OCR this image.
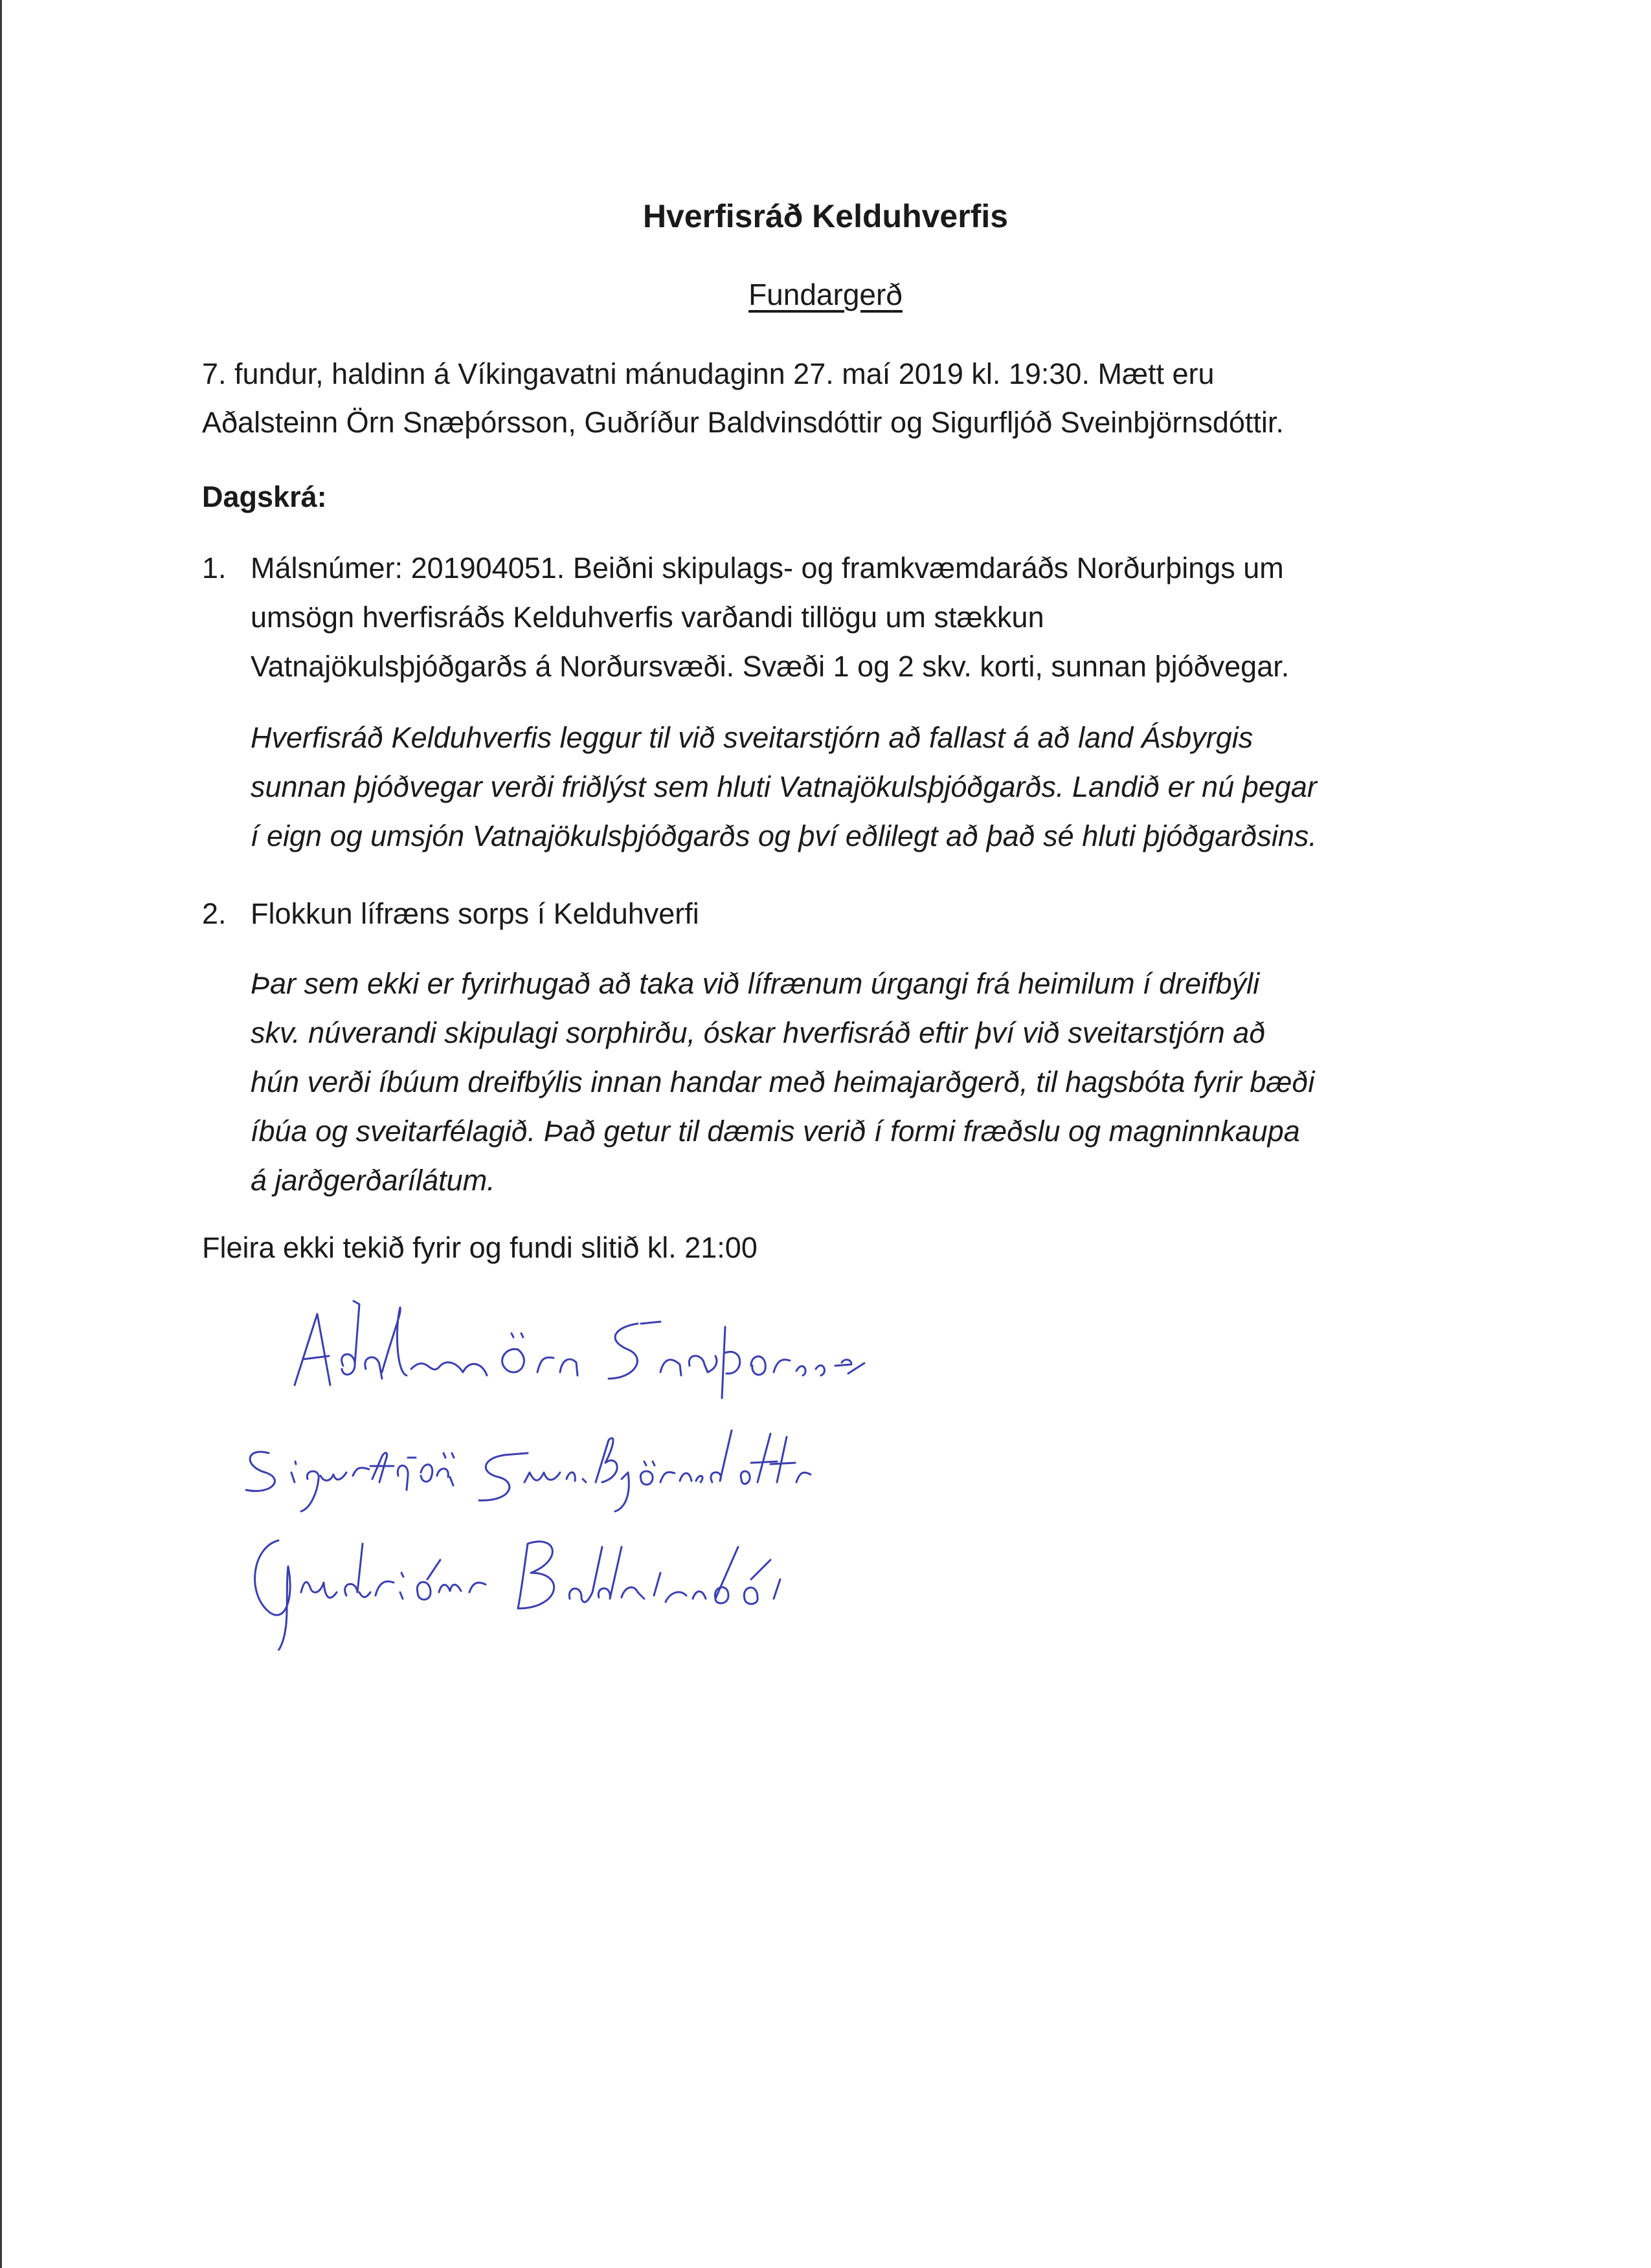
Hverfisráð Kelduhverfis
Fundargerð
7. fundur, haldinn á Víkingavatni mánudaginn 27. maí 2019 kl. 19:30. Mætt eru
Aðalsteinn Örn Snæþórsson, Guðríður Baldvinsdóttir og Sigurfljóð Sveinbjörnsdóttir.
Dagskrá:
1. Málsnúmer: 201904051. Beiðni skipulags- og framkvæmdaráðs Norðurþings um
umsögn hverfisráðs Kelduhverfis varðandi tillögu um stækkun
Vatnajökulsþjóðgarðs á Norðursvæði. Svæði 1 og 2 skv. korti, sunnan þjóðvegar.
Hverfisráð Kelduhverfis leggur til við sveitarstjórn að fallast á að land Ásbyrgis
sunnan þjóðvegar verði friðlýst sem hluti Vatnajökulsþjóðgarðs. Landið er nú þegar
í eign og umsjón Vatnajökulsþjóðgarðs og því eðlilegt að það sé hluti þjóðgarðsins.
2. Flokkun lífræns sorps í Kelduhverfi
Þar sem ekki er fyrirhugað að taka við lífrænum úrgangi frá heimilum í dreifbýli
skv. núverandi skipulagi sorphirðu, óskar hverfisráð eftir því við sveitarstjórn að
hún verði íbúum dreifbýlis innan handar með heimajarðgerð, til hagsbóta fyrir bæði
íbúa og sveitarfélagið. Það getur til dæmis verið í formi fræðslu og magninnkaupa
á jarðgerðarílátum.
Fleira ekki tekið fyrir og fundi slitið kl. 21:00
